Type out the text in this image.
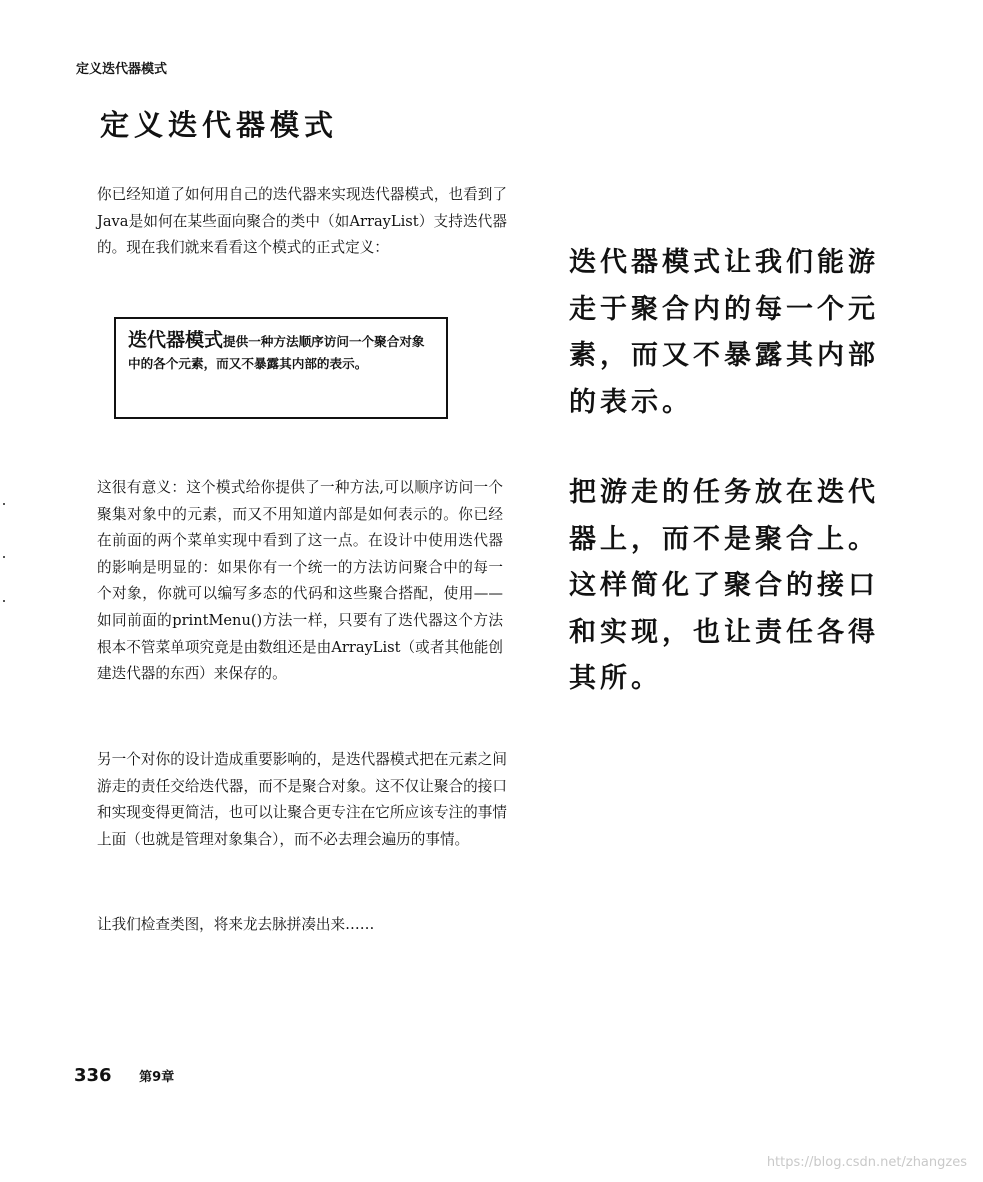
定义迭代器模式
定义迭代器模式
你已经知道了如何用自己的迭代器来实现迭代器模式，也看到了Java是如何在某些面向聚合的类中（如ArrayList）支持迭代器的。现在我们就来看看这个模式的正式定义：
迭代器模式提供一种方法顺序访问一个聚合对象中的各个元素，而又不暴露其内部的表示。
这很有意义：这个模式给你提供了一种方法,可以顺序访问一个聚集对象中的元素，而又不用知道内部是如何表示的。你已经在前面的两个菜单实现中看到了这一点。在设计中使用迭代器的影响是明显的：如果你有一个统一的方法访问聚合中的每一个对象，你就可以编写多态的代码和这些聚合搭配，使用——如同前面的printMenu()方法一样，只要有了迭代器这个方法根本不管菜单项究竟是由数组还是由ArrayList（或者其他能创建迭代器的东西）来保存的。
另一个对你的设计造成重要影响的，是迭代器模式把在元素之间游走的责任交给迭代器，而不是聚合对象。这不仅让聚合的接口和实现变得更简洁，也可以让聚合更专注在它所应该专注的事情上面（也就是管理对象集合），而不必去理会遍历的事情。
让我们检查类图，将来龙去脉拼凑出来……
迭代器模式让我们能游走于聚合内的每一个元素，而又不暴露其内部的表示。
把游走的任务放在迭代器上，而不是聚合上。这样简化了聚合的接口和实现，也让责任各得其所。
336 第9章
https://blog.csdn.net/zhangzes
